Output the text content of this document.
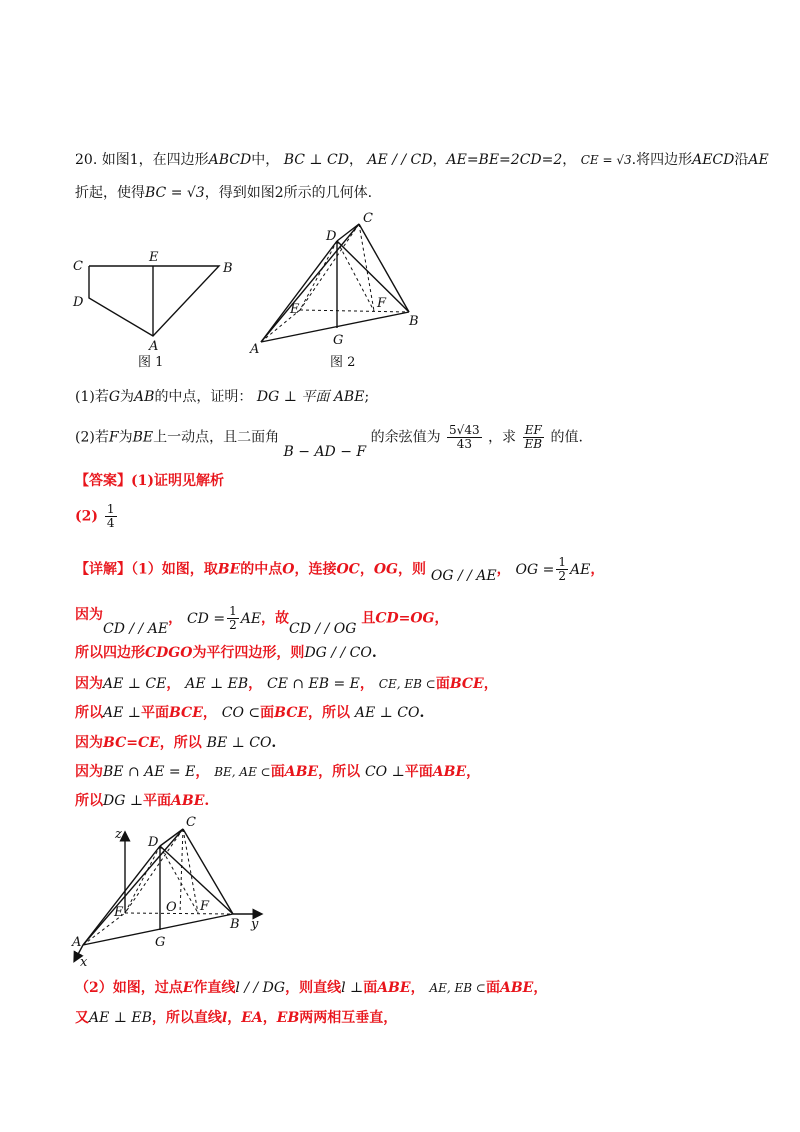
20. 如图1，在四边形ABCD中， BC ⊥ CD， AE / / CD，AE=BE=2CD=2， CE = √3.将四边形AECD沿AE
折起，使得BC = √3，得到如图2所示的几何体.
C
E
B
D
A
图 1
C
D
E	F
B
G
A
图 2
(1)若G为AB的中点，证明： DG ⊥ 平面 ABE;
(2)若F为BE上一动点，且二面角 B − AD − F 的余弦值为 $\frac{5√43}{43}$ ，求 $\frac{EF}{EB}$ 的值.
【答案】(1)证明见解析
$(2) \frac{1}{4}$
【详解】（1）如图，取BE的中点O，连接OC，OG，则 OG / / AE， OG = $\frac{1}{2}$ AE，
因为

CD / / AE， CD = $\frac{1}{2}$ AE，故CD / / OG 且CD=OG，
所以四边形CDGO为平行四边形，则DG / / CO.
因为AE ⊥ CE， AE ⊥ EB， CE ∩ EB = E， CE, EB ⊂面BCE，
所以AE ⊥平面BCE， CO ⊂面BCE，所以 AE ⊥ CO.
因为BC=CE，所以 BE ⊥ CO.
因为BE ∩ AE = E， BE, AE ⊂面ABE，所以 CO ⊥平面ABE，
所以DG ⊥平面ABE.
z
C
D
E	O F
B y
A	G
x
（2）如图，过点E作直线l / / DG，则直线l ⊥面ABE， AE, EB ⊂面ABE，
又AE ⊥ EB，所以直线l，EA，EB两两相互垂直，
